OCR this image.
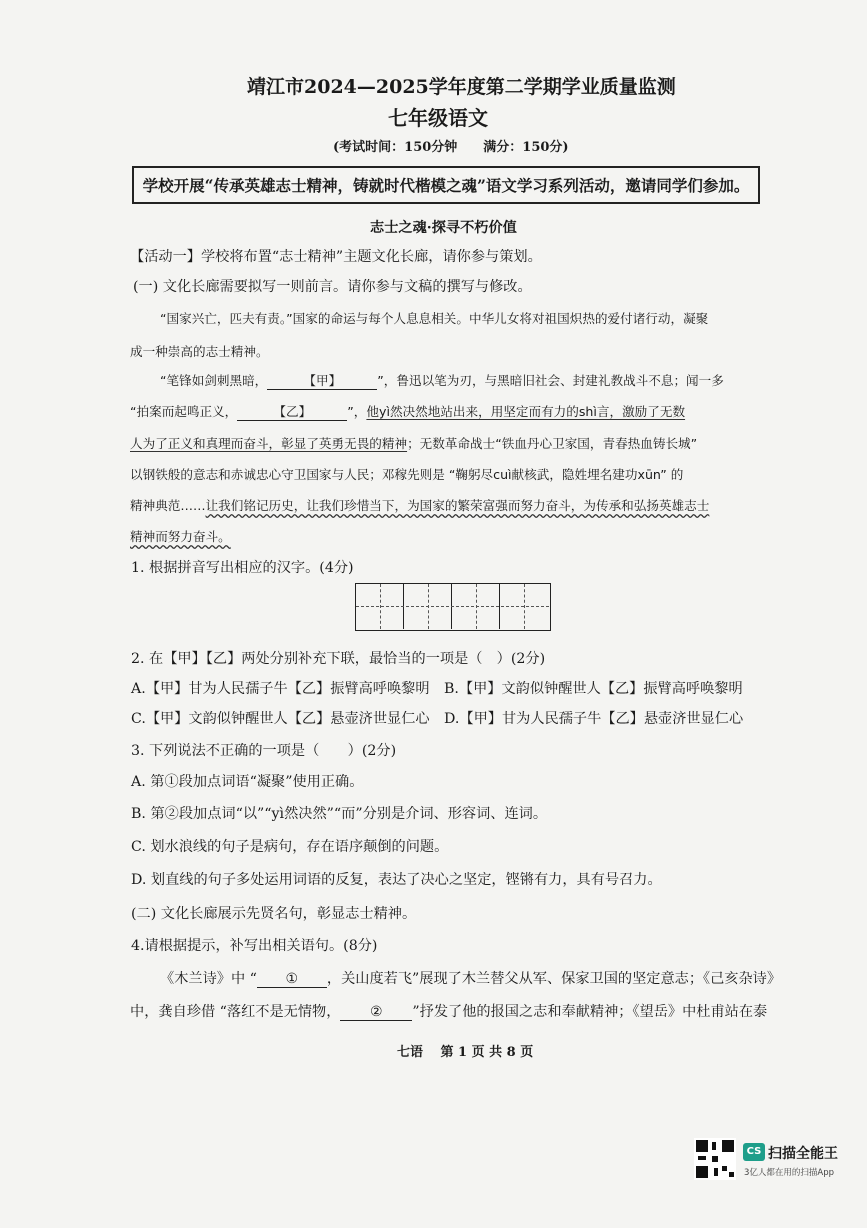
靖江市2024—2025学年度第二学期学业质量监测
七年级语文
(考试时间：150分钟　　满分：150分)
学校开展“传承英雄志士精神，铸就时代楷模之魂”语文学习系列活动，邀请同学们参加。
志士之魂·探寻不朽价值
【活动一】学校将布置“志士精神”主题文化长廊，请你参与策划。
(一) 文化长廊需要拟写一则前言。请你参与文稿的撰写与修改。
“国家兴亡，匹夫有责。”国家的命运与每个人息息相关。中华儿女将对祖国炽热的爱付诸行动，凝聚
成一种崇高的志士精神。
“笔锋如剑刺黑暗，	【甲】	”，鲁迅以笔为刃，与黑暗旧社会、封建礼教战斗不息；闻一多
“拍案而起鸣正义，	【乙】	”，他yì然决然地站出来，用坚定而有力的shì言，激励了无数
人为了正义和真理而奋斗，彰显了英勇无畏的精神；无数革命战士“铁血丹心卫家国，青春热血铸长城”
以钢铁般的意志和赤诚忠心守卫国家与人民；邓稼先则是 “鞠躬尽cuì献核武，隐姓埋名建功xūn” 的
精神典范……让我们铭记历史，让我们珍惜当下，为国家的繁荣富强而努力奋斗，为传承和弘扬英雄志士
精神而努力奋斗。
1. 根据拼音写出相应的汉字。(4分)
2. 在【甲】【乙】两处分别补充下联，最恰当的一项是（　）(2分)
A.【甲】甘为人民孺子牛【乙】振臂高呼唤黎明 B.【甲】文韵似钟醒世人【乙】振臂高呼唤黎明
C.【甲】文韵似钟醒世人【乙】悬壶济世显仁心 D.【甲】甘为人民孺子牛【乙】悬壶济世显仁心
3. 下列说法不正确的一项是（　　）(2分)
A. 第①段加点词语“凝聚”使用正确。
B. 第②段加点词“以”“yì然决然”“而”分别是介词、形容词、连词。
C. 划水浪线的句子是病句，存在语序颠倒的问题。
D. 划直线的句子多处运用词语的反复，表达了决心之坚定，铿锵有力，具有号召力。
(二) 文化长廊展示先贤名句，彰显志士精神。
4.请根据提示，补写出相关语句。(8分)
《木兰诗》中 “ ① ，关山度若飞”展现了木兰替父从军、保家卫国的坚定意志；《己亥杂诗》
中，龚自珍借 “落红不是无情物， ② ”抒发了他的报国之志和奉献精神；《望岳》中杜甫站在泰
七语　 第 1 页 共 8 页
CS 扫描全能王
3亿人都在用的扫描App
